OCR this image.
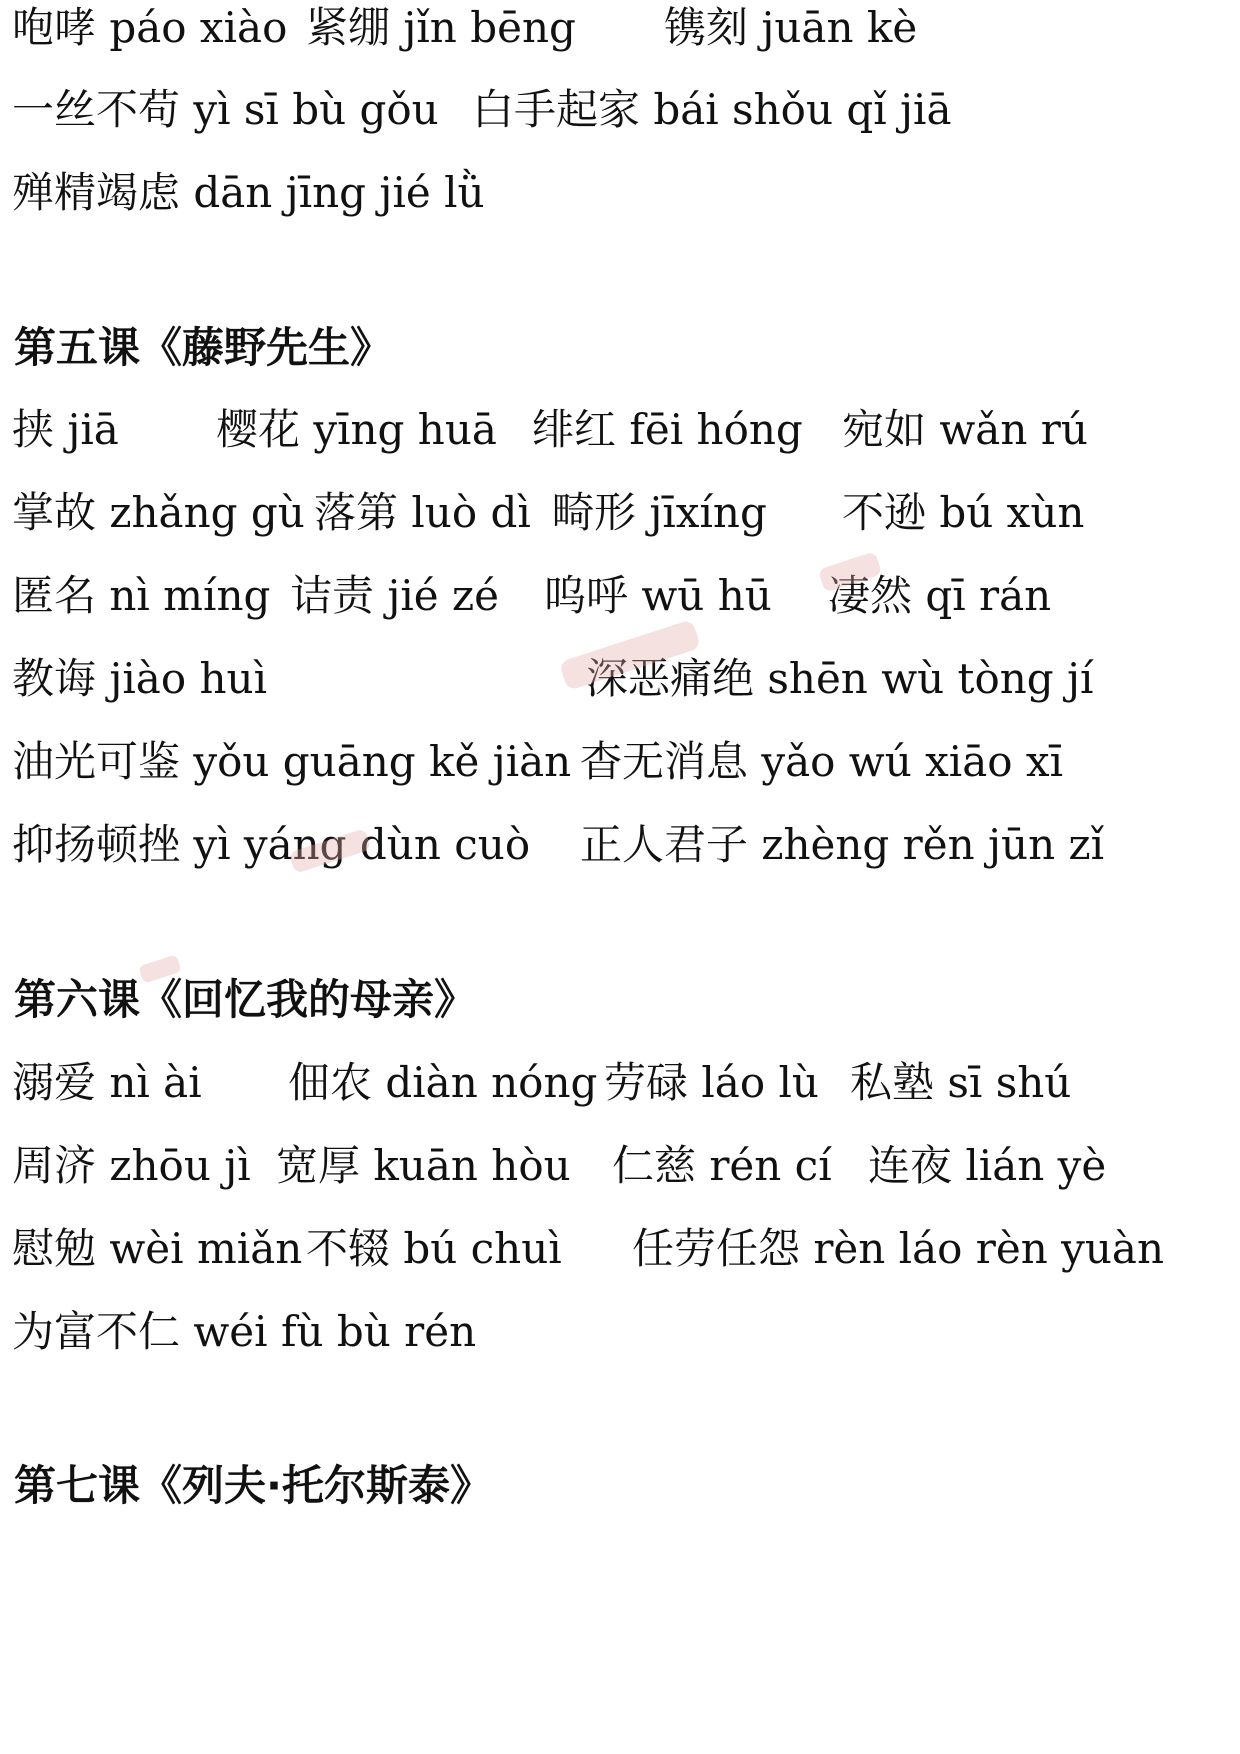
咆哮 páo xiào 紧绷 jǐn bēng 镌刻 juān kè
一丝不苟 yì sī bù gǒu 白手起家 bái shǒu qǐ jiā
殚精竭虑 dān jīng jié lǜ
第五课《藤野先生》
挟 jiā 樱花 yīng huā 绯红 fēi hóng 宛如 wǎn rú
掌故 zhǎng gù 落第 luò dì 畸形 jīxíng 不逊 bú xùn
匿名 nì míng 诘责 jié zé 呜呼 wū hū 凄然 qī rán
教诲 jiào huì	深恶痛绝 shēn wù tòng jí
油光可鉴 yǒu guāng kě jiàn 杳无消息 yǎo wú xiāo xī
抑扬顿挫 yì yáng dùn cuò 正人君子 zhèng rěn jūn zǐ
第六课《回忆我的母亲》
溺爱 nì ài 佃农 diàn nóng 劳碌 láo lù 私塾 sī shú
周济 zhōu jì 宽厚 kuān hòu 仁慈 rén cí 连夜 lián yè
慰勉 wèi miǎn 不辍 bú chuì 任劳任怨 rèn láo rèn yuàn
为富不仁 wéi fù bù rén
第七课《列夫·托尔斯泰》
